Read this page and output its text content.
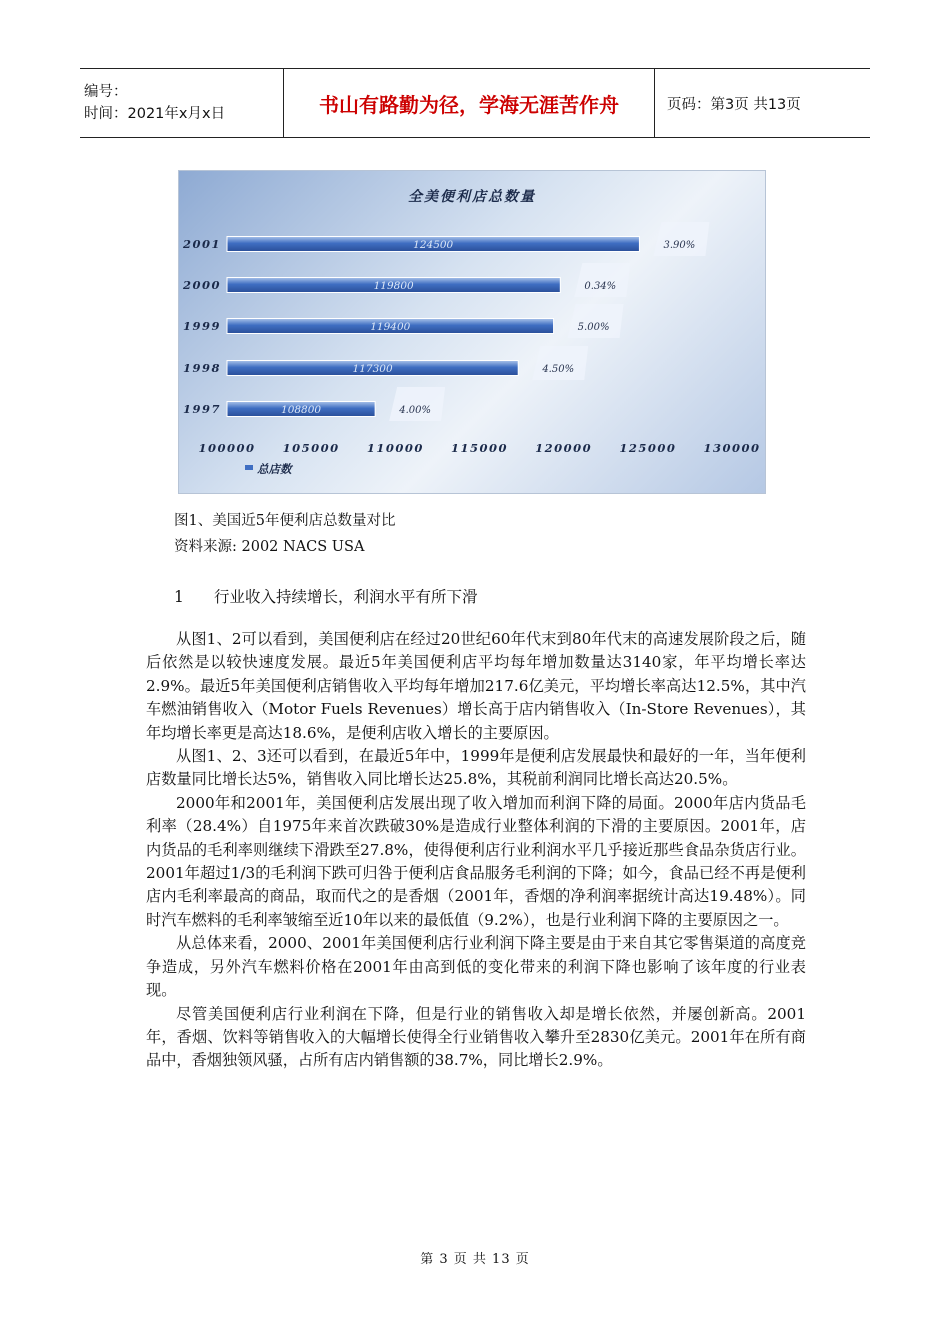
编号：
时间：2021年x月x日	书山有路勤为径，学海无涯苦作舟	页码：第3页 共13页
全美便利店总数量
2001	124500	3.90%
2000	119800	0.34%
1999	119400	5.00%
1998	117300	4.50%
1997	108800	4.00%
100000 105000 110000 115000 120000 125000 130000
总店数
图1、美国近5年便利店总数量对比
资料来源: 2002 NACS USA
1 行业收入持续增长，利润水平有所下滑

从图1、2可以看到，美国便利店在经过20世纪60年代末到80年代末的高速发展阶段之后，随后依然是以较快速度发展。最近5年美国便利店平均每年增加数量达3140家，年平均增长率达2.9%。最近5年美国便利店销售收入平均每年增加217.6亿美元，平均增长率高达12.5%，其中汽车燃油销售收入（Motor Fuels Revenues）增长高于店内销售收入（In-Store Revenues），其年均增长率更是高达18.6%，是便利店收入增长的主要原因。

从图1、2、3还可以看到，在最近5年中，1999年是便利店发展最快和最好的一年，当年便利店数量同比增长达5%，销售收入同比增长达25.8%，其税前利润同比增长高达20.5%。

2000年和2001年，美国便利店发展出现了收入增加而利润下降的局面。2000年店内货品毛利率（28.4%）自1975年来首次跌破30%是造成行业整体利润的下滑的主要原因。2001年，店内货品的毛利率则继续下滑跌至27.8%，使得便利店行业利润水平几乎接近那些食品杂货店行业。2001年超过1/3的毛利润下跌可归咎于便利店食品服务毛利润的下降；如今，食品已经不再是便利店内毛利率最高的商品，取而代之的是香烟（2001年，香烟的净利润率据统计高达19.48%）。同时汽车燃料的毛利率皱缩至近10年以来的最低值（9.2%），也是行业利润下降的主要原因之一。

从总体来看，2000、2001年美国便利店行业利润下降主要是由于来自其它零售渠道的高度竞争造成，另外汽车燃料价格在2001年由高到低的变化带来的利润下降也影响了该年度的行业表现。

尽管美国便利店行业利润在下降，但是行业的销售收入却是增长依然，并屡创新高。2001年，香烟、饮料等销售收入的大幅增长使得全行业销售收入攀升至2830亿美元。2001年在所有商品中，香烟独领风骚，占所有店内销售额的38.7%，同比增长2.9%。

第 3 页 共 13 页
